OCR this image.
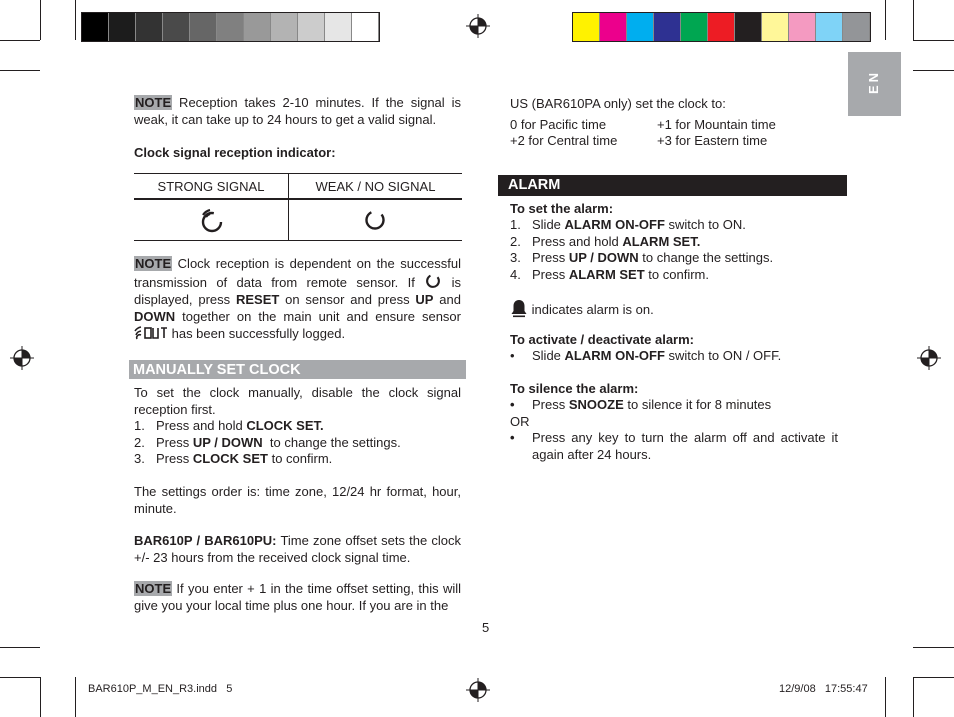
EN
NOTE Reception takes 2-10 minutes. If the signal is weak, it can take up to 24 hours to get a valid signal.
Clock signal reception indicator:
STRONG SIGNAL	WEAK / NO SIGNAL
NOTE Clock reception is dependent on the successful transmission of data from remote sensor. If  is displayed, press RESET on sensor and press UP and DOWN together on the main unit and ensure sensor  has been successfully logged.
MANUALLY SET CLOCK
To set the clock manually, disable the clock signal reception first.
1. Press and hold CLOCK SET.
2. Press UP / DOWN  to change the settings.
3. Press CLOCK SET to confirm.
The settings order is: time zone, 12/24 hr format, hour, minute.
BAR610P / BAR610PU: Time zone offset sets the clock +/- 23 hours from the received clock signal time.
NOTE If you enter + 1 in the time offset setting, this will give you your local time plus one hour. If you are in the
US (BAR610PA only) set the clock to:
0 for Pacific time	+1 for Mountain time
+2 for Central time	+3 for Eastern time
ALARM
To set the alarm:
1. Slide ALARM ON-OFF switch to ON.
2. Press and hold ALARM SET.
3. Press UP / DOWN to change the settings.
4. Press ALARM SET to confirm.
indicates alarm is on.
To activate / deactivate alarm:
• Slide ALARM ON-OFF switch to ON / OFF.
To silence the alarm:
• Press SNOOZE to silence it for 8 minutes
OR
• Press any key to turn the alarm off and activate it again after 24 hours.
5
BAR610P_M_EN_R3.indd   5	12/9/08   17:55:47
